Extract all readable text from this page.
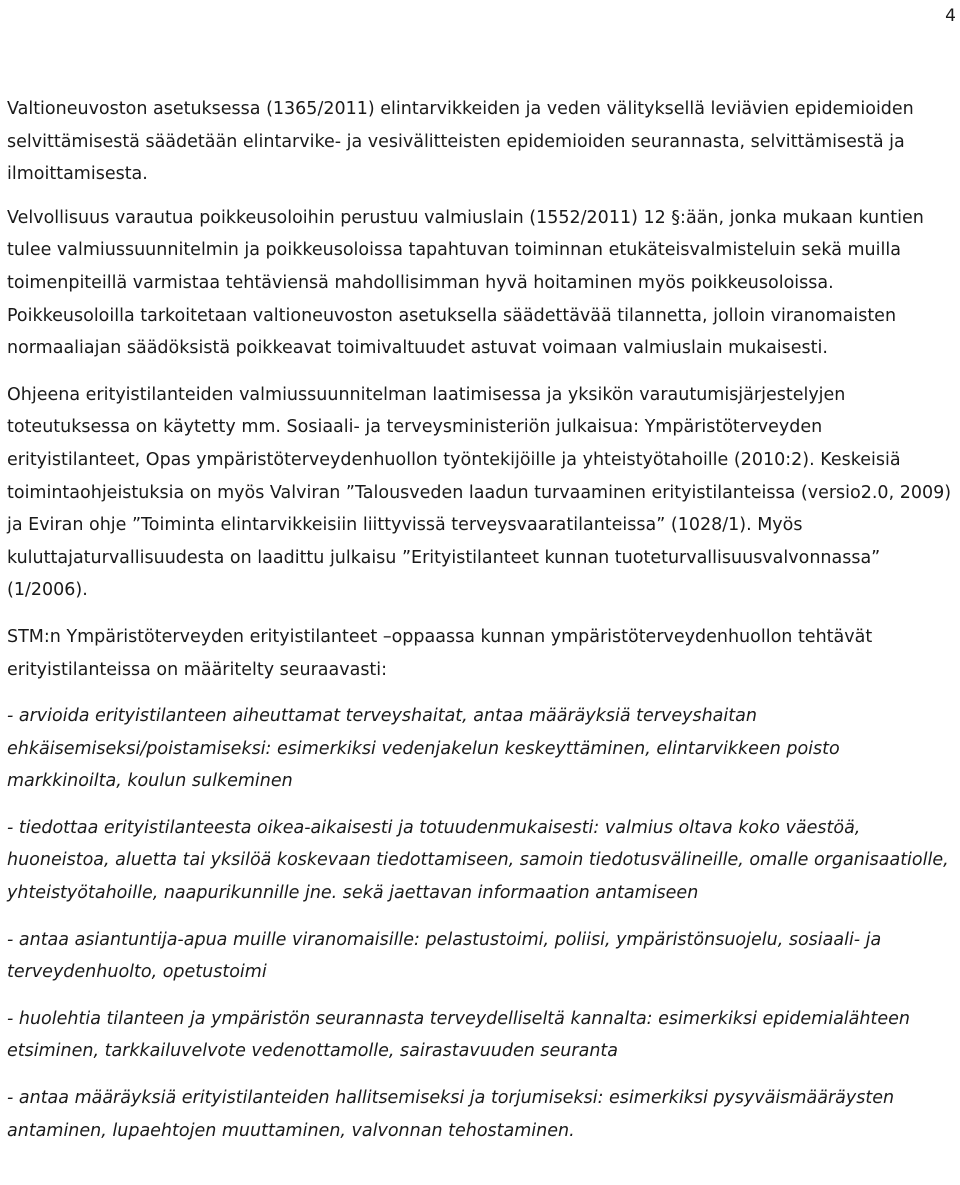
4

Valtioneuvoston asetuksessa (1365/2011) elintarvikkeiden ja veden välityksellä leviävien epidemioiden selvittämisestä säädetään elintarvike- ja vesivälitteisten epidemioiden seurannasta, selvittämisestä ja ilmoittamisesta.

Velvollisuus varautua poikkeusoloihin perustuu valmiuslain (1552/2011) 12 §:ään, jonka mukaan kuntien tulee valmiussuunnitelmin ja poikkeusoloissa tapahtuvan toiminnan etukäteisvalmisteluin sekä muilla toimenpiteillä varmistaa tehtäviensä mahdollisimman hyvä hoitaminen myös poikkeusoloissa. Poikkeusoloilla tarkoitetaan valtioneuvoston asetuksella säädettävää tilannetta, jolloin viranomaisten normaaliajan säädöksistä poikkeavat toimivaltuudet astuvat voimaan valmiuslain mukaisesti.

Ohjeena erityistilanteiden valmiussuunnitelman laatimisessa ja yksikön varautumisjärjestelyjen toteutuksessa on käytetty mm. Sosiaali- ja terveysministeriön julkaisua: Ympäristöterveyden erityistilanteet, Opas ympäristöterveydenhuollon työntekijöille ja yhteistyötahoille (2010:2). Keskeisiä toimintaohjeistuksia on myös Valviran ”Talousveden laadun turvaaminen erityistilanteissa (versio2.0, 2009) ja Eviran ohje ”Toiminta elintarvikkeisiin liittyvissä terveysvaaratilanteissa” (1028/1). Myös kuluttajaturvallisuudesta on laadittu julkaisu ”Erityistilanteet kunnan tuoteturvallisuusvalvonnassa” (1/2006).

STM:n Ympäristöterveyden erityistilanteet –oppaassa kunnan ympäristöterveydenhuollon tehtävät erityistilanteissa on määritelty seuraavasti:

- arvioida erityistilanteen aiheuttamat terveyshaitat, antaa määräyksiä terveyshaitan ehkäisemiseksi/poistamiseksi: esimerkiksi vedenjakelun keskeyttäminen, elintarvikkeen poisto markkinoilta, koulun sulkeminen

- tiedottaa erityistilanteesta oikea-aikaisesti ja totuudenmukaisesti: valmius oltava koko väestöä, huoneistoa, aluetta tai yksilöä koskevaan tiedottamiseen, samoin tiedotusvälineille, omalle organisaatiolle, yhteistyötahoille, naapurikunnille jne. sekä jaettavan informaation antamiseen

- antaa asiantuntija-apua muille viranomaisille: pelastustoimi, poliisi, ympäristönsuojelu, sosiaali- ja terveydenhuolto, opetustoimi

- huolehtia tilanteen ja ympäristön seurannasta terveydelliseltä kannalta: esimerkiksi epidemialähteen etsiminen, tarkkailuvelvote vedenottamolle, sairastavuuden seuranta

- antaa määräyksiä erityistilanteiden hallitsemiseksi ja torjumiseksi: esimerkiksi pysyväismääräysten antaminen, lupaehtojen muuttaminen, valvonnan tehostaminen.
